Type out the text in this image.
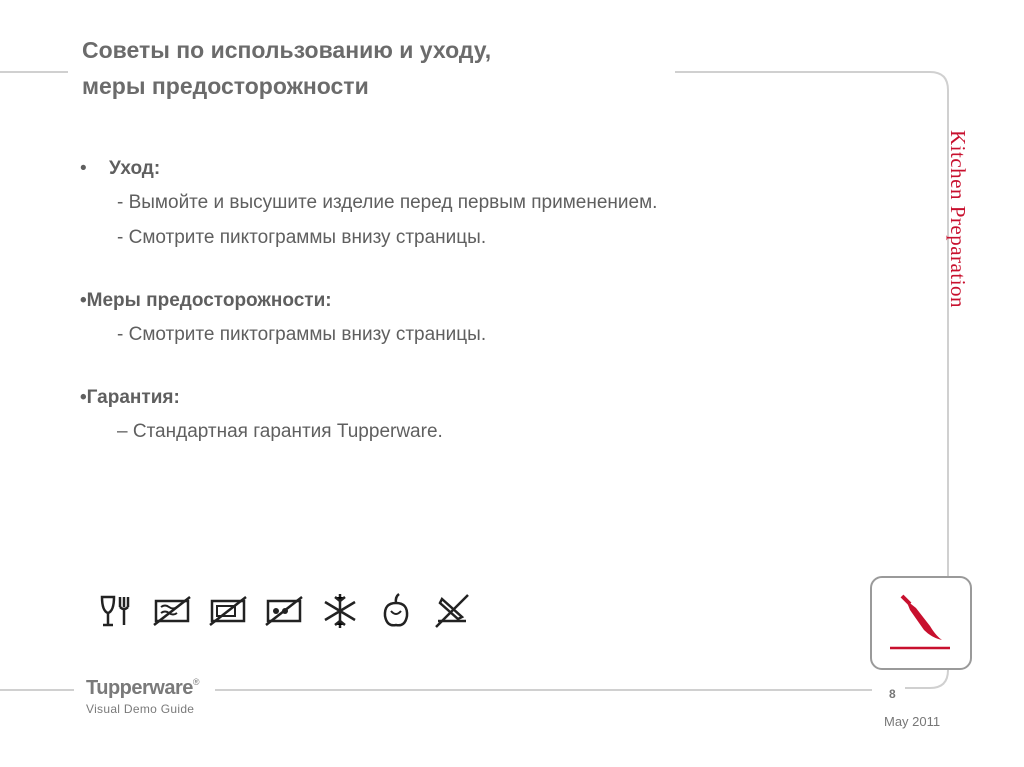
Советы по использованию и уходу,
меры предосторожности
Kitchen Preparation
• Уход:
- Вымойте и высушите изделие перед первым применением.
- Смотрите пиктограммы внизу страницы.
•Меры предосторожности:
- Смотрите пиктограммы внизу страницы.
•Гарантия:
– Стандартная гарантия Tupperware.
Tupperware®
Visual Demo Guide
8
May 2011
